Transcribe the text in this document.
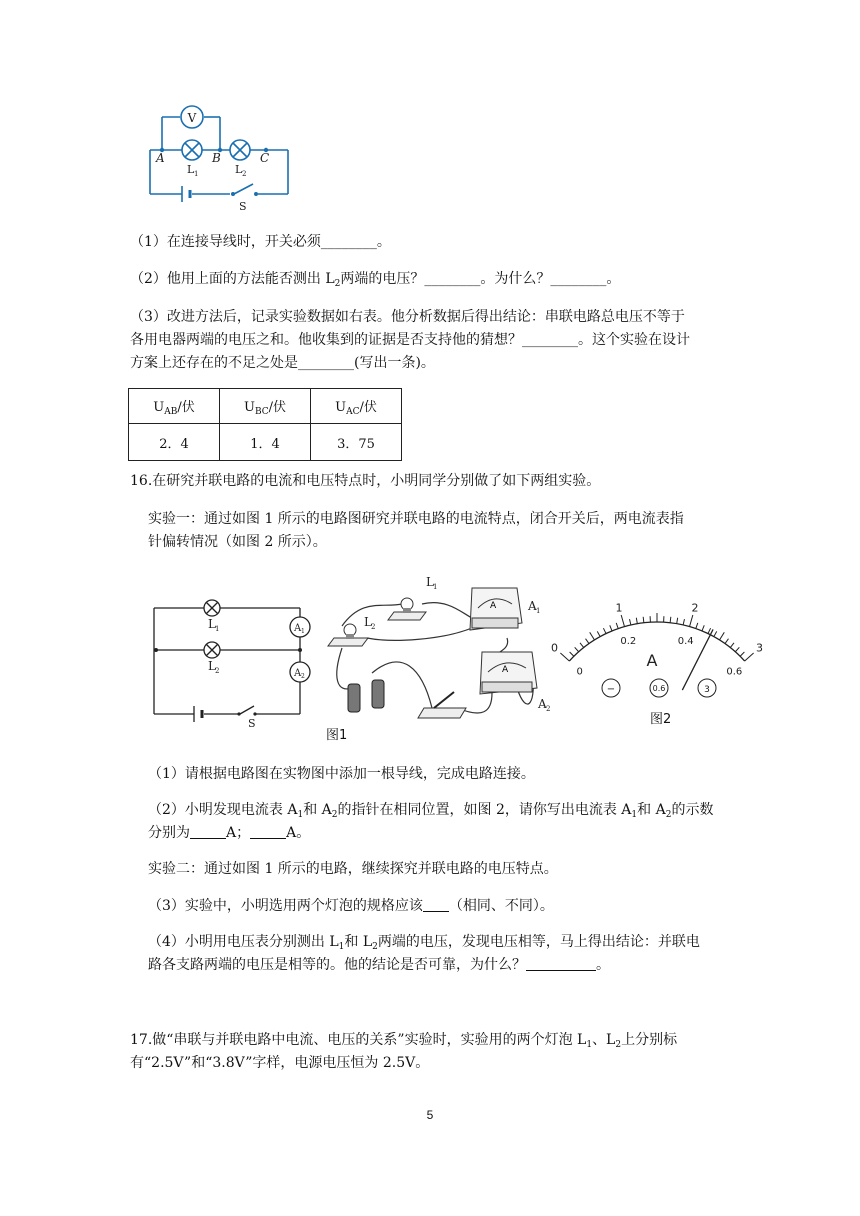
V
A	B	C
L 1	L 2
S
（1）在连接导线时，开关必须________。
（2）他用上面的方法能否测出 $L_2$两端的电压？________。为什么？________。
（3）改进方法后，记录实验数据如右表。他分析数据后得出结论：串联电路总电压不等于
各用电器两端的电压之和。他收集到的证据是否支持他的猜想？________。这个实验在设计
方案上还存在的不足之处是________(写出一条)。
$U_{AB}/$伏	$U_{BC}/$伏	$U_{AC}/$伏
2．4	1．4	3．75
16.在研究并联电路的电流和电压特点时，小明同学分别做了如下两组实验。
实验一：通过如图 1 所示的电路图研究并联电路的电流特点，闭合开关后，两电流表指
针偏转情况（如图 2 所示）。
L 1
L 2
A 1
A 2
S
A
A
L 1
L 2
A 1
A 2
图1
0
1	2
3
0
0.2	0.4
0.6
A
−	0.6	3
图2
（1）请根据电路图在实物图中添加一根导线，完成电路连接。
（2）小明发现电流表 $A_1$和 $A_2$的指针在相同位置，如图 2，请你写出电流表 $A_1$和 $A_2$的示数
分别为	A；	A。
实验二：通过如图 1 所示的电路，继续探究并联电路的电压特点。
（3）实验中，小明选用两个灯泡的规格应该 （相同、不同）。
（4）小明用电压表分别测出 $L_1$和 $L_2$两端的电压，发现电压相等，马上得出结论：并联电
路各支路两端的电压是相等的。他的结论是否可靠，为什么？	。
17.做“串联与并联电路中电流、电压的关系”实验时，实验用的两个灯泡 $L_1$、$L_2$上分别标
有“2.5V”和“3.8V”字样，电源电压恒为 2.5V。
5
